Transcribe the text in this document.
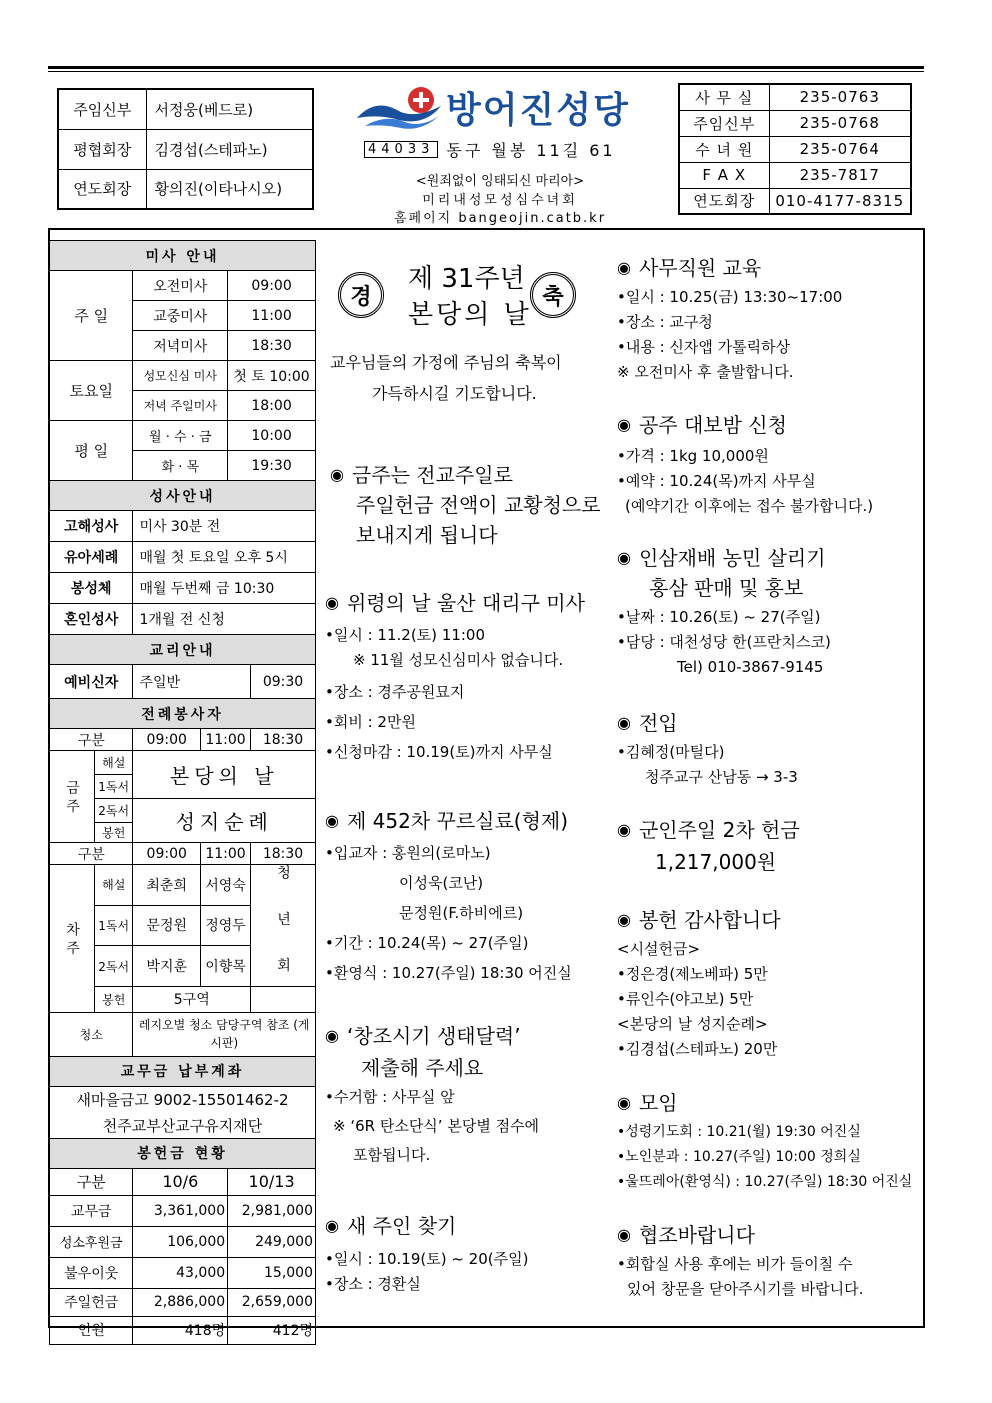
주임신부	서정웅(베드로)
평협회장	김경섭(스테파노)
연도회장	황의진(이타나시오)
방어진성당
44033 동구 월봉 11길 61
<원죄없이 잉태되신 마리아>
미리내성모성심수녀회
홈페이지 bangeojin.catb.kr
사 무 실	235-0763
주임신부	235-0768
수 녀 원	235-0764
F A X	235-7817
연도회장	010-4177-8315
미사 안내					
주 일		오전미사		09:00	
		교중미사		11:00	
		저녁미사		18:30	
토요일		성모신심 미사		첫 토 10:00	
		저녁 주일미사		18:00	
평 일		월 · 수 · 금		10:00	
		화 · 목		19:30	
성사안내					
고해성사		미사 30분 전			
유아세례		매월 첫 토요일 오후 5시			
봉성체		매월 두번째 금 10:30			
혼인성사		1개월 전 신청			
교리안내					
예비신자		주일반			09:30
전례봉사자					
구분		09:00	11:00		18:30
금 주	해설	본당의 날			
	1독서				
	2독서	성지순례			
	봉헌				
구분		09:00	11:00		18:30
차 주	해설	최춘희	서영숙		청 년 회
	1독서	문정원	정영두		
	2독서	박지훈	이향목		
	봉헌	5구역			
청소		레지오별 청소 담당구역 참조 (게시판)			
교무금 납부계좌					
새마을금고 9002-15501462-2					
천주교부산교구유지재단					
봉헌금 현황					
구분		10/6		10/13	
교무금		3,361,000		2,981,000	
성소후원금		106,000		249,000	
불우이웃		43,000		15,000	
주일헌금		2,886,000		2,659,000	
인원		418명		412명	
경
제 31주년
본당의 날
축
교우님들의 가정에 주님의 축복이
가득하시길 기도합니다.
◉ 금주는 전교주일로
주일헌금 전액이 교황청으로
보내지게 됩니다
◉ 위령의 날 울산 대리구 미사
•일시 : 11.2(토) 11:00
※ 11월 성모신심미사 없습니다.
•장소 : 경주공원묘지
•회비 : 2만원
•신청마감 : 10.19(토)까지 사무실
◉ 제 452차 꾸르실료(형제)
•입교자 : 홍원의(로마노)
이성욱(코난)
문정원(F.하비에르)
•기간 : 10.24(목) ~ 27(주일)
•환영식 : 10.27(주일) 18:30 어진실
◉ ‘창조시기 생태달력’
제출해 주세요
•수거함 : 사무실 앞
※ ‘6R 탄소단식’ 본당별 점수에
포함됩니다.
◉ 새 주인 찾기
•일시 : 10.19(토) ~ 20(주일)
•장소 : 경환실
◉ 사무직원 교육
•일시 : 10.25(금) 13:30~17:00
•장소 : 교구청
•내용 : 신자앱 가톨릭하상
※ 오전미사 후 출발합니다.
◉ 공주 대보밤 신청
•가격 : 1kg 10,000원
•예약 : 10.24(목)까지 사무실
(예약기간 이후에는 접수 불가합니다.)
◉ 인삼재배 농민 살리기
홍삼 판매 및 홍보
•날짜 : 10.26(토) ~ 27(주일)
•담당 : 대천성당 한(프란치스코)
Tel) 010-3867-9145
◉ 전입
•김혜정(마틸다)
청주교구 산남동 → 3-3
◉ 군인주일 2차 헌금
1,217,000원
◉ 봉헌 감사합니다
<시설헌금>
•정은경(제노베파) 5만
•류인수(야고보) 5만
<본당의 날 성지순례>
•김경섭(스테파노) 20만
◉ 모임
•성령기도회 : 10.21(월) 19:30 어진실
•노인분과 : 10.27(주일) 10:00 정희실
•울뜨레아(환영식) : 10.27(주일) 18:30 어진실
◉ 협조바랍니다
•회합실 사용 후에는 비가 들이칠 수
있어 창문을 닫아주시기를 바랍니다.
